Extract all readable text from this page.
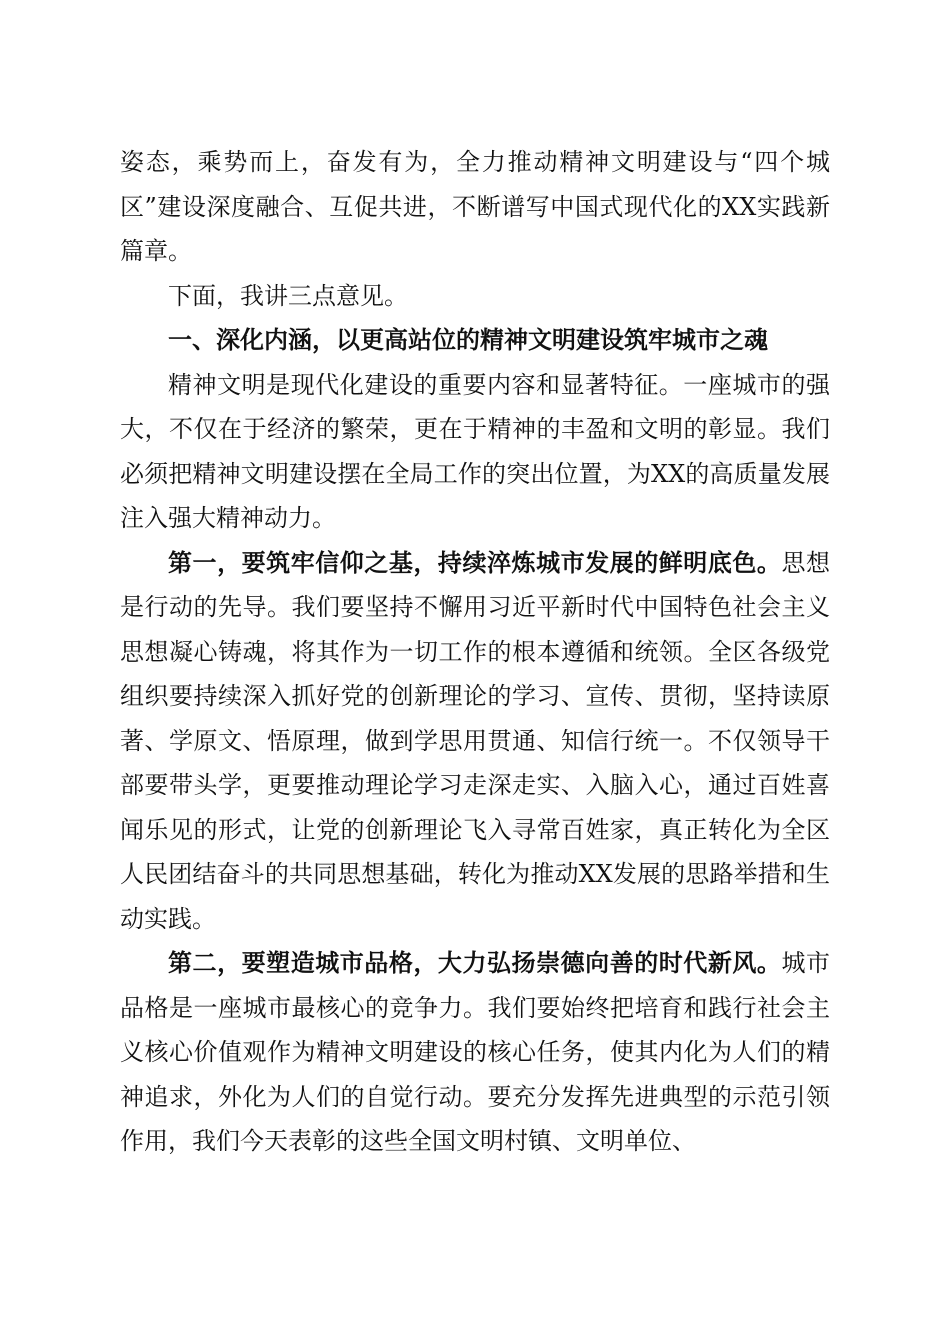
姿态，乘势而上，奋发有为，全力推动精神文明建设与“四个城区”建设深度融合、互促共进，不断谱写中国式现代化的XX实践新篇章。

下面，我讲三点意见。

一、深化内涵，以更高站位的精神文明建设筑牢城市之魂

精神文明是现代化建设的重要内容和显著特征。一座城市的强大，不仅在于经济的繁荣，更在于精神的丰盈和文明的彰显。我们必须把精神文明建设摆在全局工作的突出位置，为XX的高质量发展注入强大精神动力。

第一，要筑牢信仰之基，持续淬炼城市发展的鲜明底色。思想是行动的先导。我们要坚持不懈用习近平新时代中国特色社会主义思想凝心铸魂，将其作为一切工作的根本遵循和统领。全区各级党组织要持续深入抓好党的创新理论的学习、宣传、贯彻，坚持读原著、学原文、悟原理，做到学思用贯通、知信行统一。不仅领导干部要带头学，更要推动理论学习走深走实、入脑入心，通过百姓喜闻乐见的形式，让党的创新理论飞入寻常百姓家，真正转化为全区人民团结奋斗的共同思想基础，转化为推动XX发展的思路举措和生动实践。

第二，要塑造城市品格，大力弘扬崇德向善的时代新风。城市品格是一座城市最核心的竞争力。我们要始终把培育和践行社会主义核心价值观作为精神文明建设的核心任务，使其内化为人们的精神追求，外化为人们的自觉行动。要充分发挥先进典型的示范引领作用，我们今天表彰的这些全国文明村镇、文明单位、
